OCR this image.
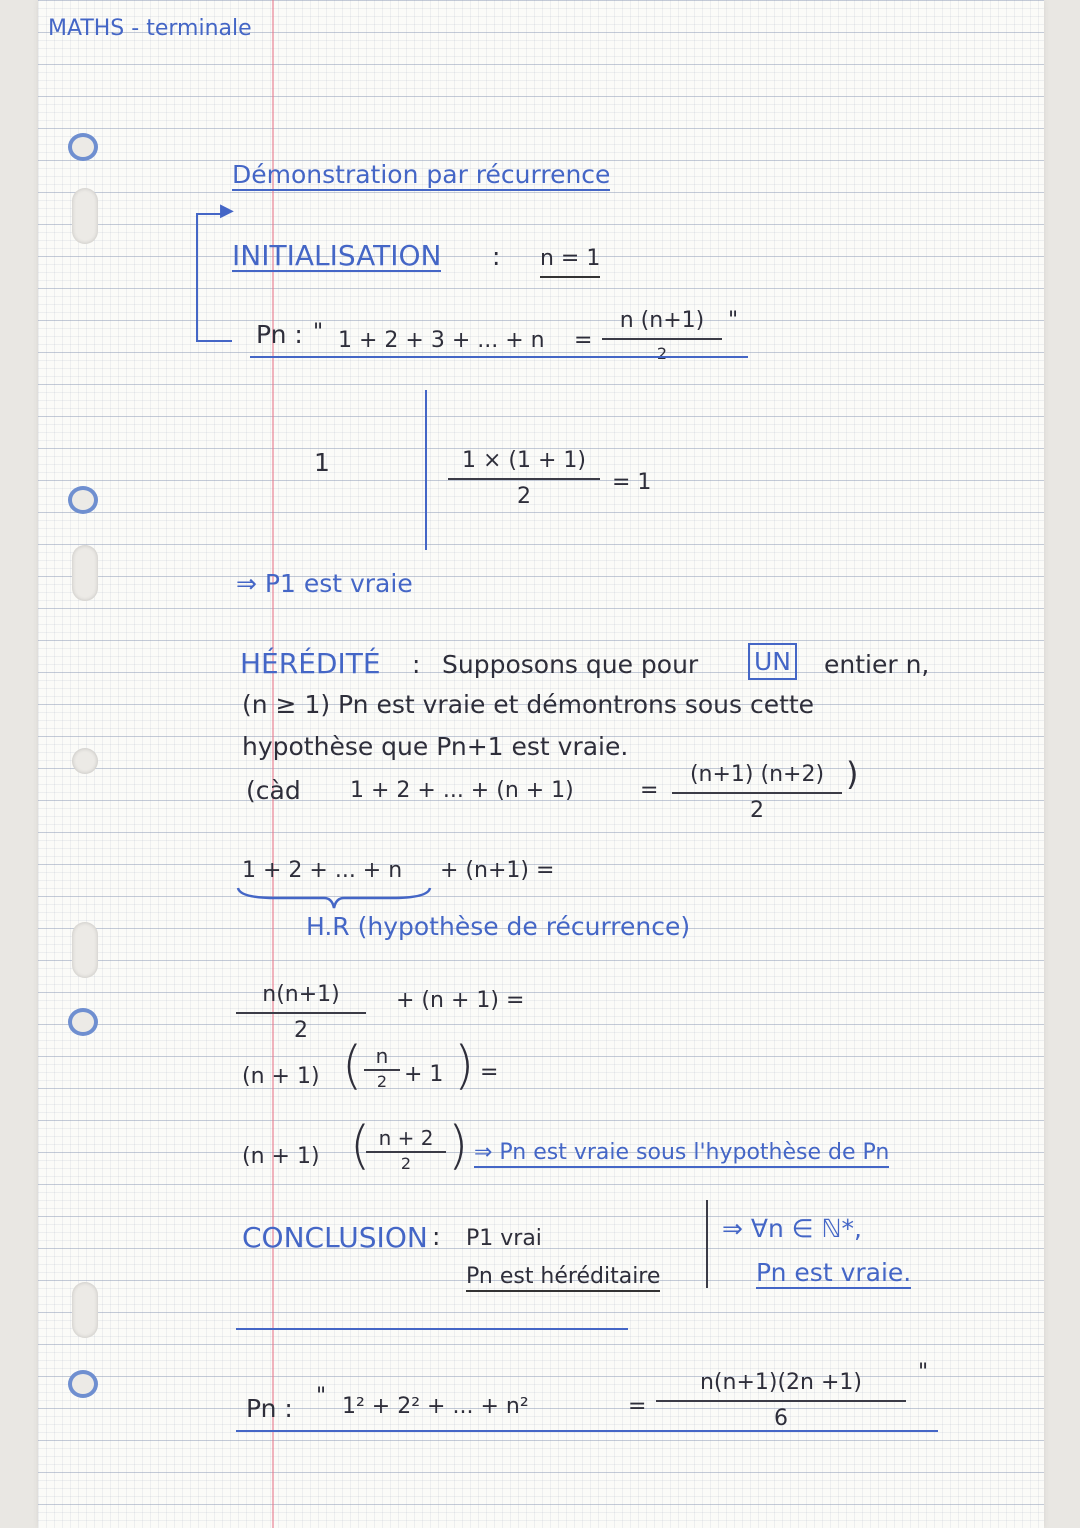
MATHS - terminale
Démonstration par récurrence
▶
INITIALISATION : n = 1
Pn : " 1 + 2 + 3 + ... + n =
n (n+1)
2
"
1	$\frac{1 \times (1 + 1)}{2} = 1$
⇒ P1 est vraie
HÉRÉDITÉ : Supposons que pour UN entier n,
(n ≥ 1) Pn est vraie et démontrons sous cette
hypothèse que Pn+1 est vraie.
(càd 1 + 2 + ... + (n + 1)	= $\frac{(n+1) (n+2)}{2}$ )
1 + 2 + ... + n + (n+1) =
H.R (hypothèse de récurrence)
$\frac{n(n+1)}{2} + (n + 1)$ =
(n + 1) ( n
2 + 1 ) =
(n + 1) ( n + 2
2 ) ⇒ Pn est vraie sous l'hypothèse de Pn
CONCLUSION : P1 vrai
Pn est héréditaire
⇒ ∀n ∈ ℕ*,
Pn est vraie.
Pn : " 1² + 2² + ... + n²	= $\frac{n(n+1)(2n +1)}{6}$ "
